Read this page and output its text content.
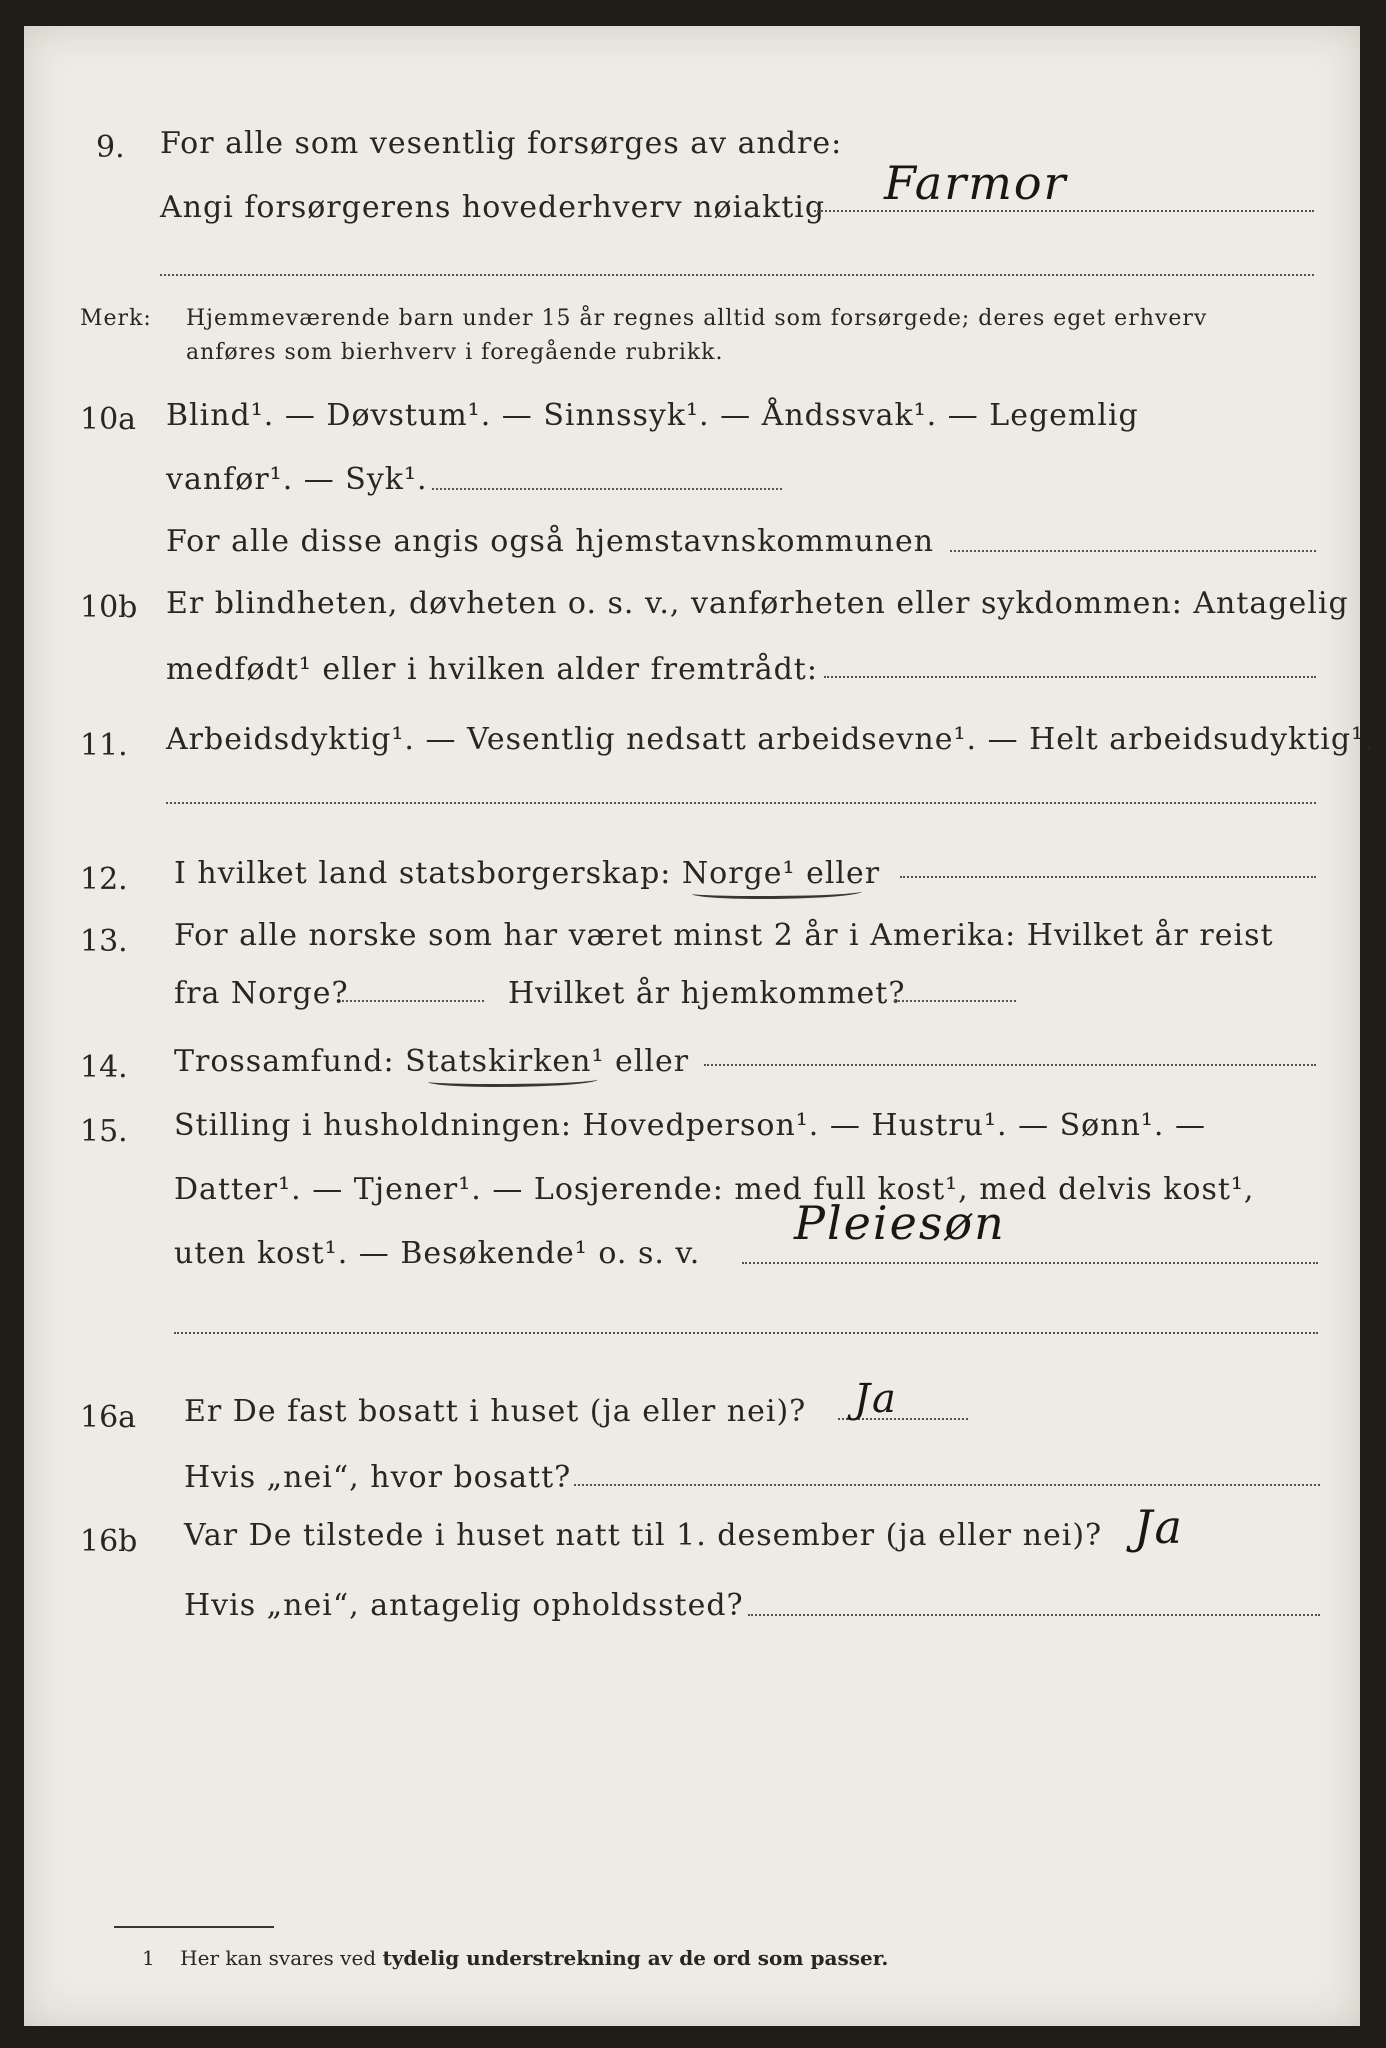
9. For alle som vesentlig forsørges av andre:
Angi forsørgerens hovederhverv nøiaktig Farmor
Merk: Hjemmeværende barn under 15 år regnes alltid som forsørgede; deres eget erhverv
anføres som bierhverv i foregående rubrikk.
10a Blind¹. — Døvstum¹. — Sinnssyk¹. — Åndssvak¹. — Legemlig
vanfør¹. — Syk¹.
For alle disse angis også hjemstavnskommunen
10b Er blindheten, døvheten o. s. v., vanførheten eller sykdommen: Antagelig
medfødt¹ eller i hvilken alder fremtrådt:
11. Arbeidsdyktig¹. — Vesentlig nedsatt arbeidsevne¹. — Helt arbeidsudyktig¹.
12. I hvilket land statsborgerskap: Norge¹ eller
13. For alle norske som har været minst 2 år i Amerika: Hvilket år reist
fra Norge?	Hvilket år hjemkommet?
14. Trossamfund: Statskirken¹ eller
15. Stilling i husholdningen: Hovedperson¹. — Hustru¹. — Sønn¹. —
Datter¹. — Tjener¹. — Losjerende: med full kost¹, med delvis kost¹,
uten kost¹. — Besøkende¹ o. s. v.
Pleiesøn
16a Er De fast bosatt i huset (ja eller nei)? Ja
Hvis „nei“, hvor bosatt?
16b Var De tilstede i huset natt til 1. desember (ja eller nei)? Ja
Hvis „nei“, antagelig opholdssted?
1 Her kan svares ved tydelig understrekning av de ord som passer.
